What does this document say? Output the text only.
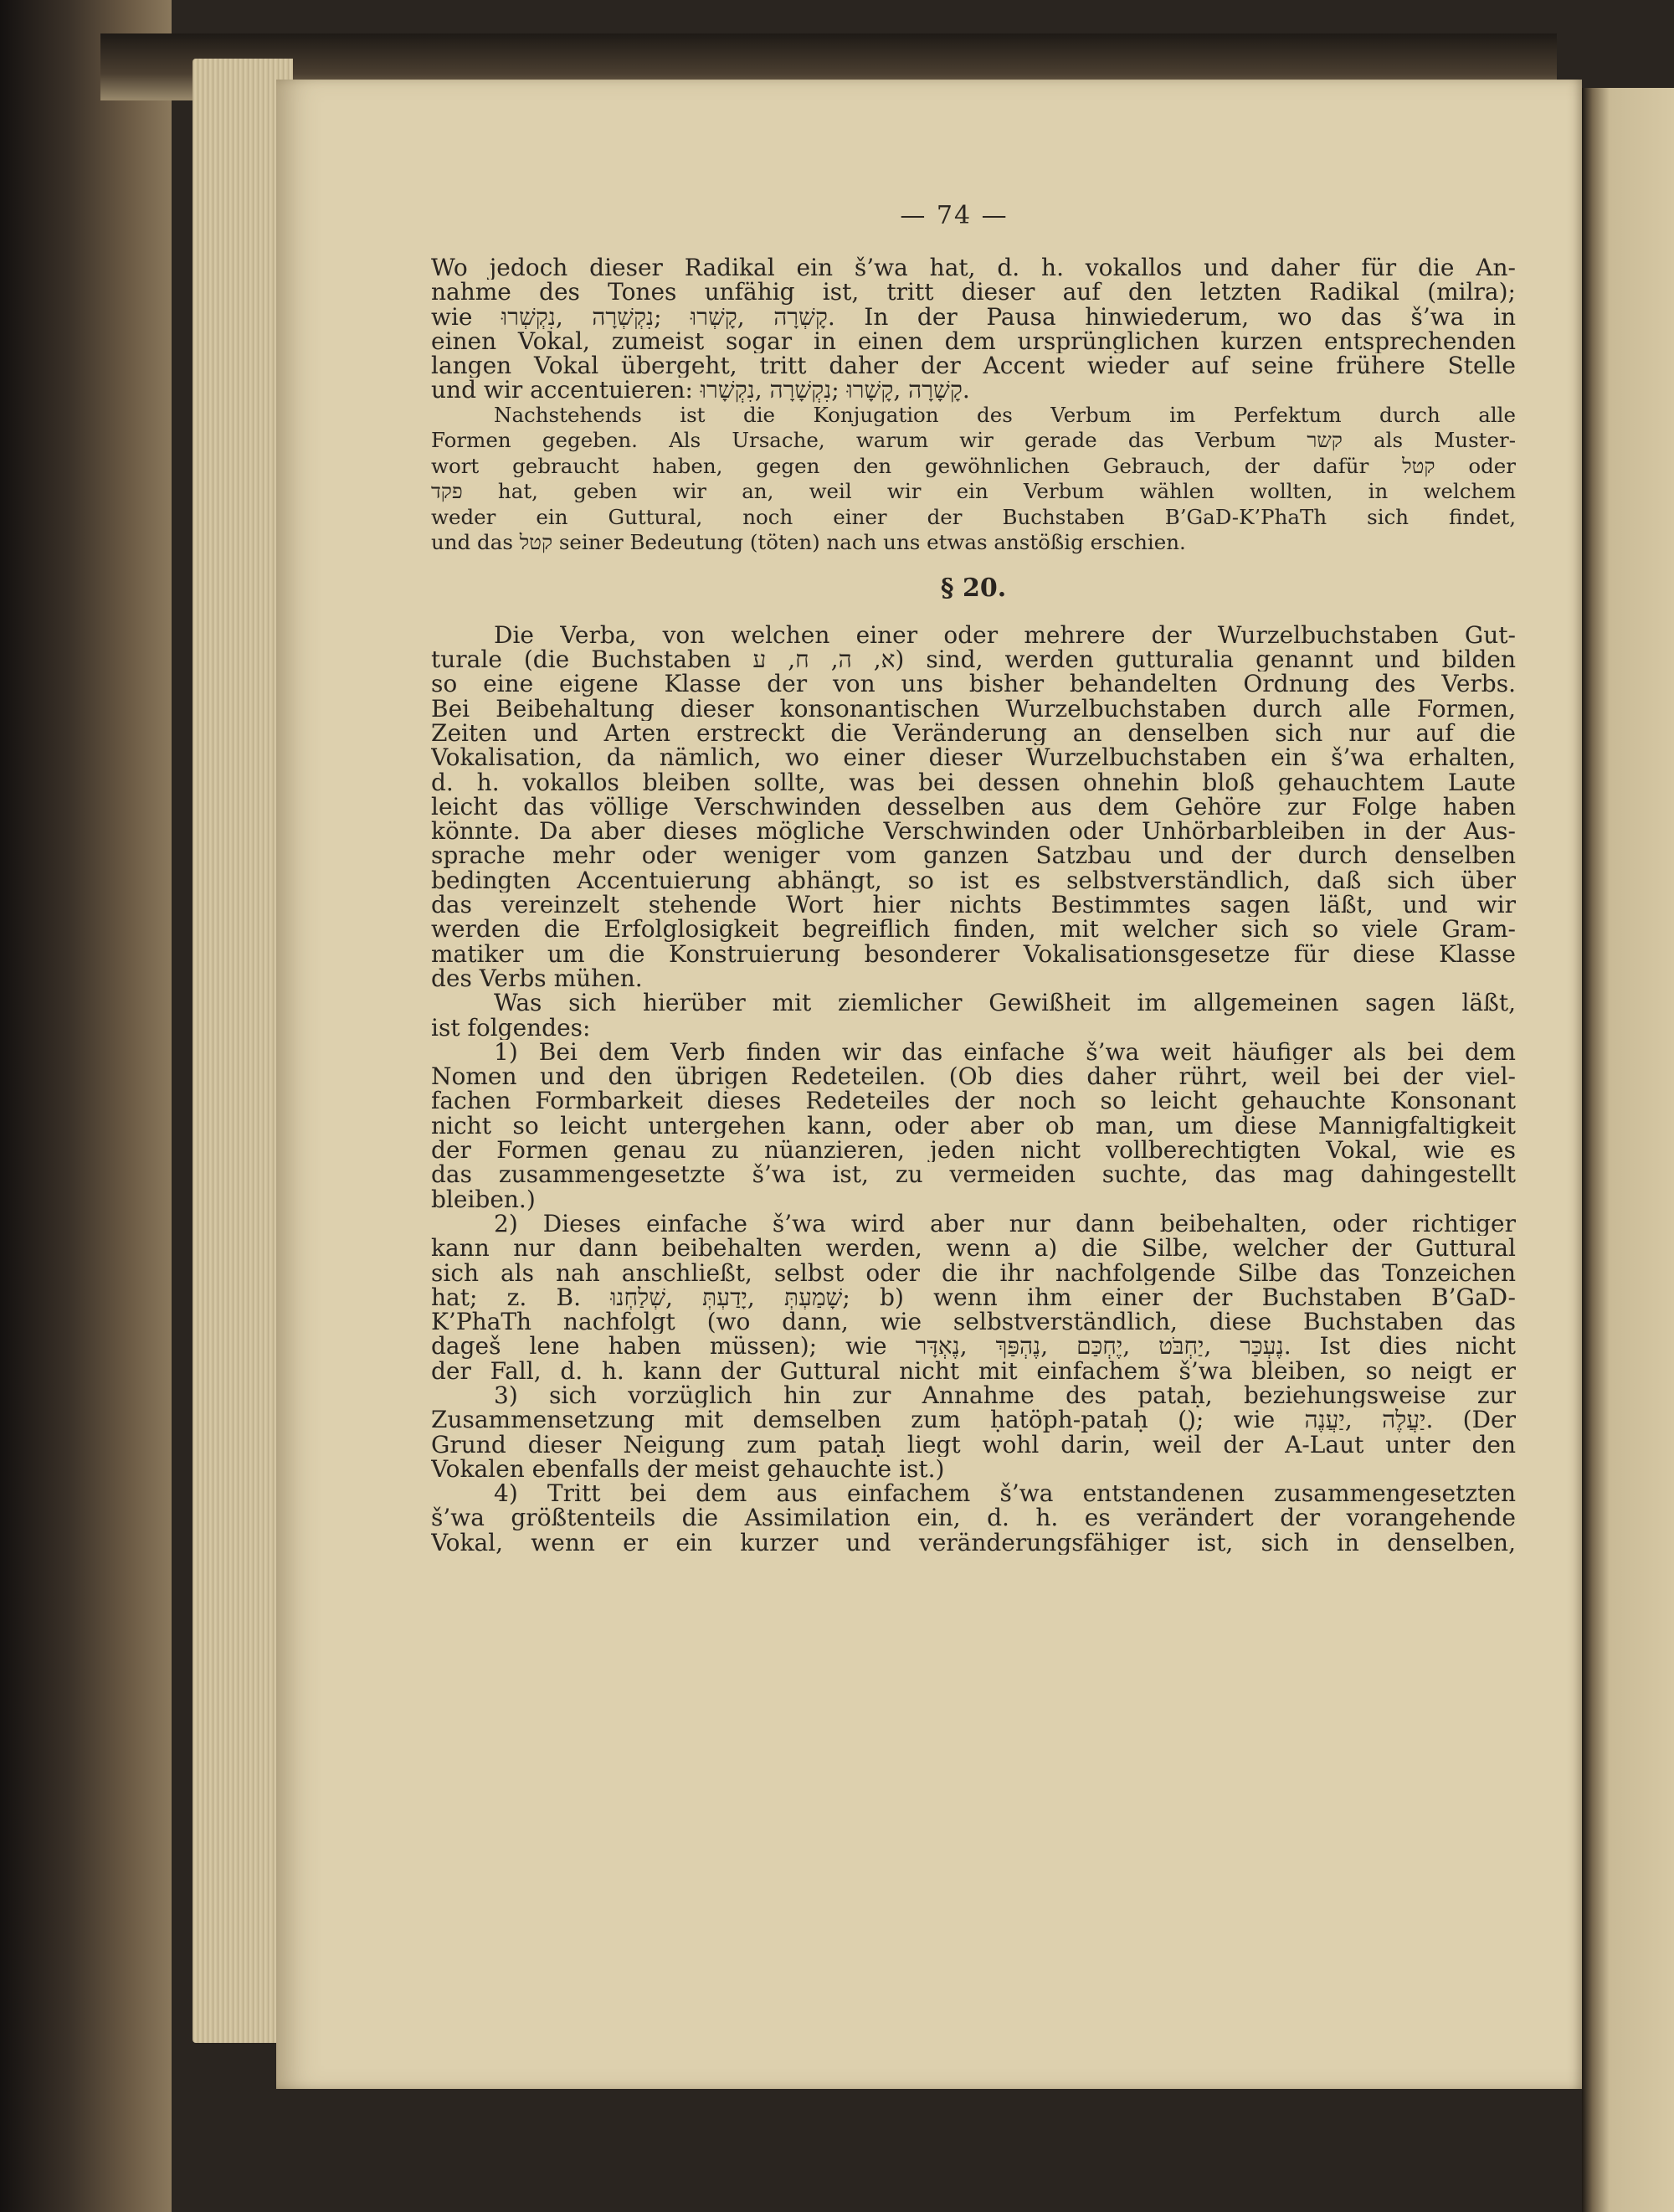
— 74 —
Wo jedoch dieser Radikal ein š’wa hat, d. h. vokallos und daher für die An-
nahme des Tones unfähig ist, tritt dieser auf den letzten Radikal (milra);
wie קָשְׁרָה ,קָשְׁרוּ ;נִקְשְׁרָה ,נִקְשְׁרוּ. In der Pausa hinwiederum, wo das š’wa in
einen Vokal, zumeist sogar in einen dem ursprünglichen kurzen entsprechenden
langen Vokal übergeht, tritt daher der Accent wieder auf seine frühere Stelle
und wir accentuieren: קָשָׁרָה ,קָשָׁרוּ ;נִקְשָׁרָה ,נִקְשָׁרוּ.
Nachstehends ist die Konjugation des Verbum im Perfektum durch alle
Formen gegeben. Als Ursache, warum wir gerade das Verbum קשר als Muster-
wort gebraucht haben, gegen den gewöhnlichen Gebrauch, der dafür קטל oder
פקד hat, geben wir an, weil wir ein Verbum wählen wollten, in welchem
weder ein Guttural, noch einer der Buchstaben B’GaD-K’PhaTh sich findet,
und das קטל seiner Bedeutung (töten) nach uns etwas anstößig erschien.
§ 20.
Die Verba, von welchen einer oder mehrere der Wurzelbuchstaben Gut-
turale (die Buchstaben א, ה, ח, ע) sind, werden gutturalia genannt und bilden
so eine eigene Klasse der von uns bisher behandelten Ordnung des Verbs.
Bei Beibehaltung dieser konsonantischen Wurzelbuchstaben durch alle Formen,
Zeiten und Arten erstreckt die Veränderung an denselben sich nur auf die
Vokalisation, da nämlich, wo einer dieser Wurzelbuchstaben ein š’wa erhalten,
d. h. vokallos bleiben sollte, was bei dessen ohnehin bloß gehauchtem Laute
leicht das völlige Verschwinden desselben aus dem Gehöre zur Folge haben
könnte. Da aber dieses mögliche Verschwinden oder Unhörbarbleiben in der Aus-
sprache mehr oder weniger vom ganzen Satzbau und der durch denselben
bedingten Accentuierung abhängt, so ist es selbstverständlich, daß sich über
das vereinzelt stehende Wort hier nichts Bestimmtes sagen läßt, und wir
werden die Erfolglosigkeit begreiflich finden, mit welcher sich so viele Gram-
matiker um die Konstruierung besonderer Vokalisationsgesetze für diese Klasse
des Verbs mühen.
Was sich hierüber mit ziemlicher Gewißheit im allgemeinen sagen läßt,
ist folgendes:
1) Bei dem Verb finden wir das einfache š’wa weit häufiger als bei dem
Nomen und den übrigen Redeteilen. (Ob dies daher rührt, weil bei der viel-
fachen Formbarkeit dieses Redeteiles der noch so leicht gehauchte Konsonant
nicht so leicht untergehen kann, oder aber ob man, um diese Mannigfaltigkeit
der Formen genau zu nüanzieren, jeden nicht vollberechtigten Vokal, wie es
das zusammengesetzte š’wa ist, zu vermeiden suchte, das mag dahingestellt
bleiben.)
2) Dieses einfache š’wa wird aber nur dann beibehalten, oder richtiger
kann nur dann beibehalten werden, wenn a) die Silbe, welcher der Guttural
sich als nah anschließt, selbst oder die ihr nachfolgende Silbe das Tonzeichen
hat; z. B. שָׁמַעְתְּ ,יָדַעְתְּ ,שְׁלַחְנוּ; b) wenn ihm einer der Buchstaben B’GaD-
K’PhaTh nachfolgt (wo dann, wie selbstverständlich, diese Buchstaben das
dageš lene haben müssen); wie נֶעְכַּר ,יַחְבֹּט ,יֶחְכַּם ,נֶהְפַּךְ ,נֶאְדָּר. Ist dies nicht
der Fall, d. h. kann der Guttural nicht mit einfachem š’wa bleiben, so neigt er
3) sich vorzüglich hin zur Annahme des pataḥ, beziehungsweise zur
Zusammensetzung mit demselben zum ḥatöph-pataḥ (ֲ); wie יַעֲלֶה ,יַעֲנֶה. (Der
Grund dieser Neigung zum pataḥ liegt wohl darin, weil der A-Laut unter den
Vokalen ebenfalls der meist gehauchte ist.)
4) Tritt bei dem aus einfachem š’wa entstandenen zusammengesetzten
š’wa größtenteils die Assimilation ein, d. h. es verändert der vorangehende
Vokal, wenn er ein kurzer und veränderungsfähiger ist, sich in denselben,
